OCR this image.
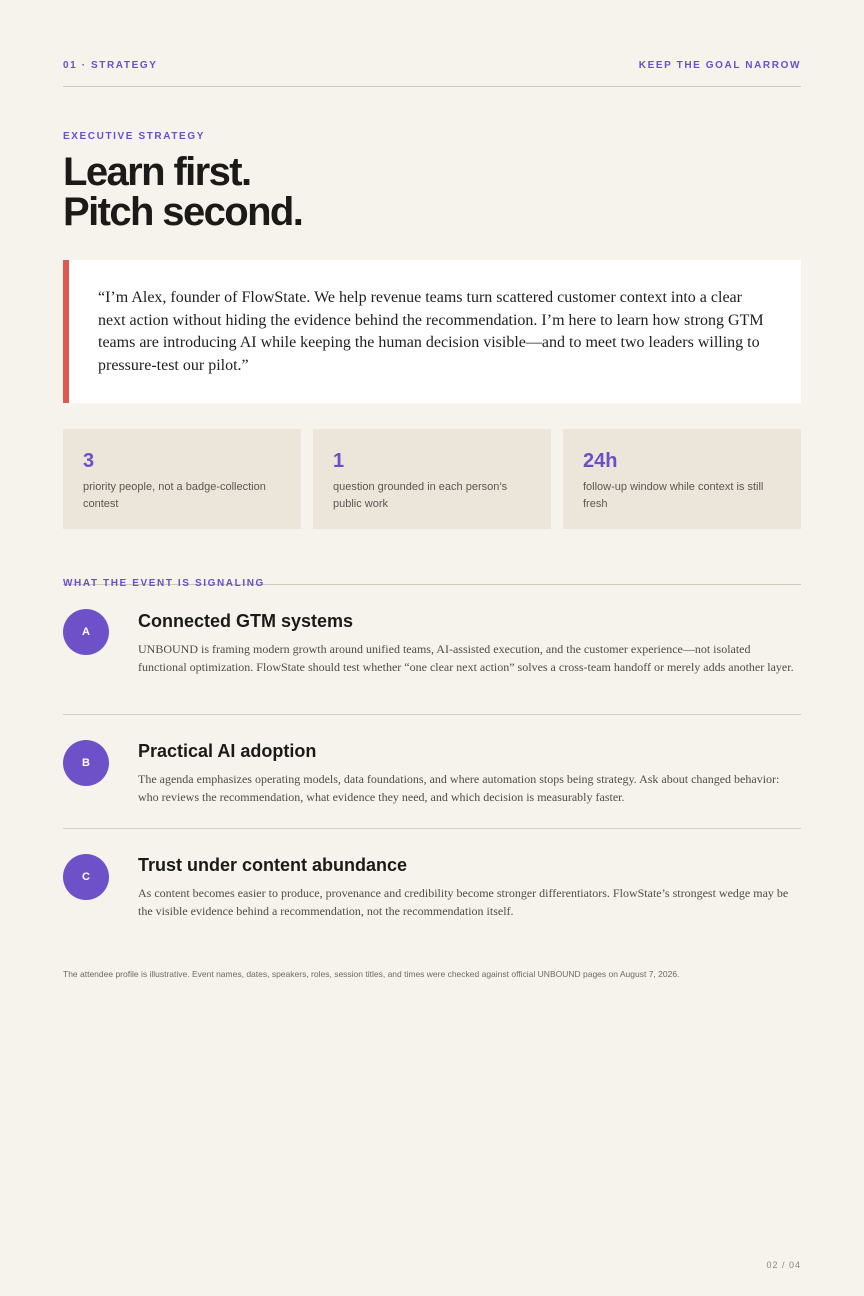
01 · STRATEGY	KEEP THE GOAL NARROW
EXECUTIVE STRATEGY
Learn first.
Pitch second.

“I’m Alex, founder of FlowState. We help revenue teams turn scattered customer context into a clear next action without hiding the evidence behind the recommendation. I’m here to learn how strong GTM teams are introducing AI while keeping the human decision visible—and to meet two leaders willing to pressure-test our pilot.”

3
priority people, not a badge-collection contest
1
question grounded in each person’s public work
24h
follow-up window while context is still fresh
WHAT THE EVENT IS SIGNALING
A
Connected GTM systems

UNBOUND is framing modern growth around unified teams, AI-assisted execution, and the customer experience—not isolated functional optimization. FlowState should test whether “one clear next action” solves a cross-team handoff or merely adds another layer.

B
Practical AI adoption

The agenda emphasizes operating models, data foundations, and where automation stops being strategy. Ask about changed behavior: who reviews the recommendation, what evidence they need, and which decision is measurably faster.

C
Trust under content abundance

As content becomes easier to produce, provenance and credibility become stronger differentiators. FlowState’s strongest wedge may be the visible evidence behind a recommendation, not the recommendation itself.

The attendee profile is illustrative. Event names, dates, speakers, roles, session titles, and times were checked against official UNBOUND pages on August 7, 2026.
02 / 04
